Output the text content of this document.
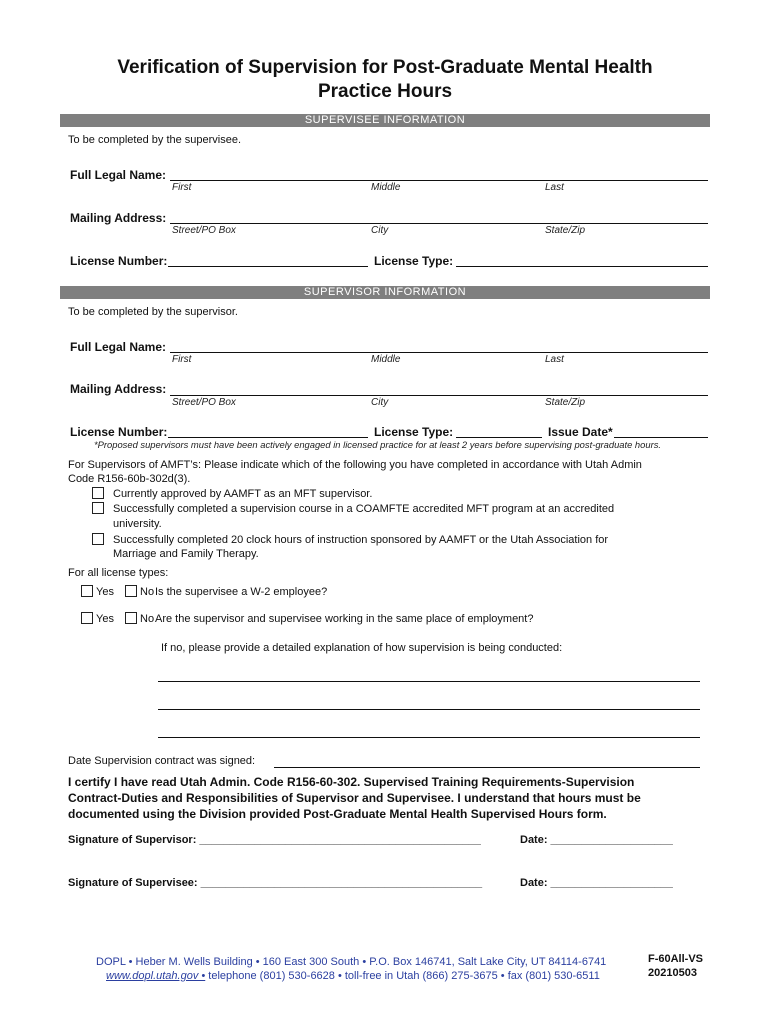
Verification of Supervision for Post-Graduate Mental Health
Practice Hours
SUPERVISEE INFORMATION
To be completed by the supervisee.
Full Legal Name:
First	Middle	Last
Mailing Address:
Street/PO Box	City	State/Zip
License Number:	License Type:
SUPERVISOR INFORMATION
To be completed by the supervisor.
Full Legal Name:
First	Middle	Last
Mailing Address:
Street/PO Box	City	State/Zip
License Number:	License Type:	Issue Date*
*Proposed supervisors must have been actively engaged in licensed practice for at least 2 years before supervising post-graduate hours.
For Supervisors of AMFT’s: Please indicate which of the following you have completed in accordance with Utah Admin
Code R156-60b-302d(3).
Currently approved by AAMFT as an MFT supervisor.
Successfully completed a supervision course in a COAMFTE accredited MFT program at an accredited
university.
Successfully completed 20 clock hours of instruction sponsored by AAMFT or the Utah Association for
Marriage and Family Therapy.
For all license types:
Yes No Is the supervisee a W-2 employee?
Yes No Are the supervisor and supervisee working in the same place of employment?
If no, please provide a detailed explanation of how supervision is being conducted:
Date Supervision contract was signed:
I certify I have read Utah Admin. Code R156-60-302. Supervised Training Requirements-Supervision
Contract-Duties and Responsibilities of Supervisor and Supervisee. I understand that hours must be
documented using the Division provided Post-Graduate Mental Health Supervised Hours form.
Signature of Supervisor: ______________________________________________	Date: ____________________
Signature of Supervisee: ______________________________________________	Date: ____________________
DOPL • Heber M. Wells Building • 160 East 300 South • P.O. Box 146741, Salt Lake City, UT 84114-6741
www.dopl.utah.gov • telephone (801) 530-6628 • toll-free in Utah (866) 275-3675 • fax (801) 530-6511
F-60All-VS
20210503
